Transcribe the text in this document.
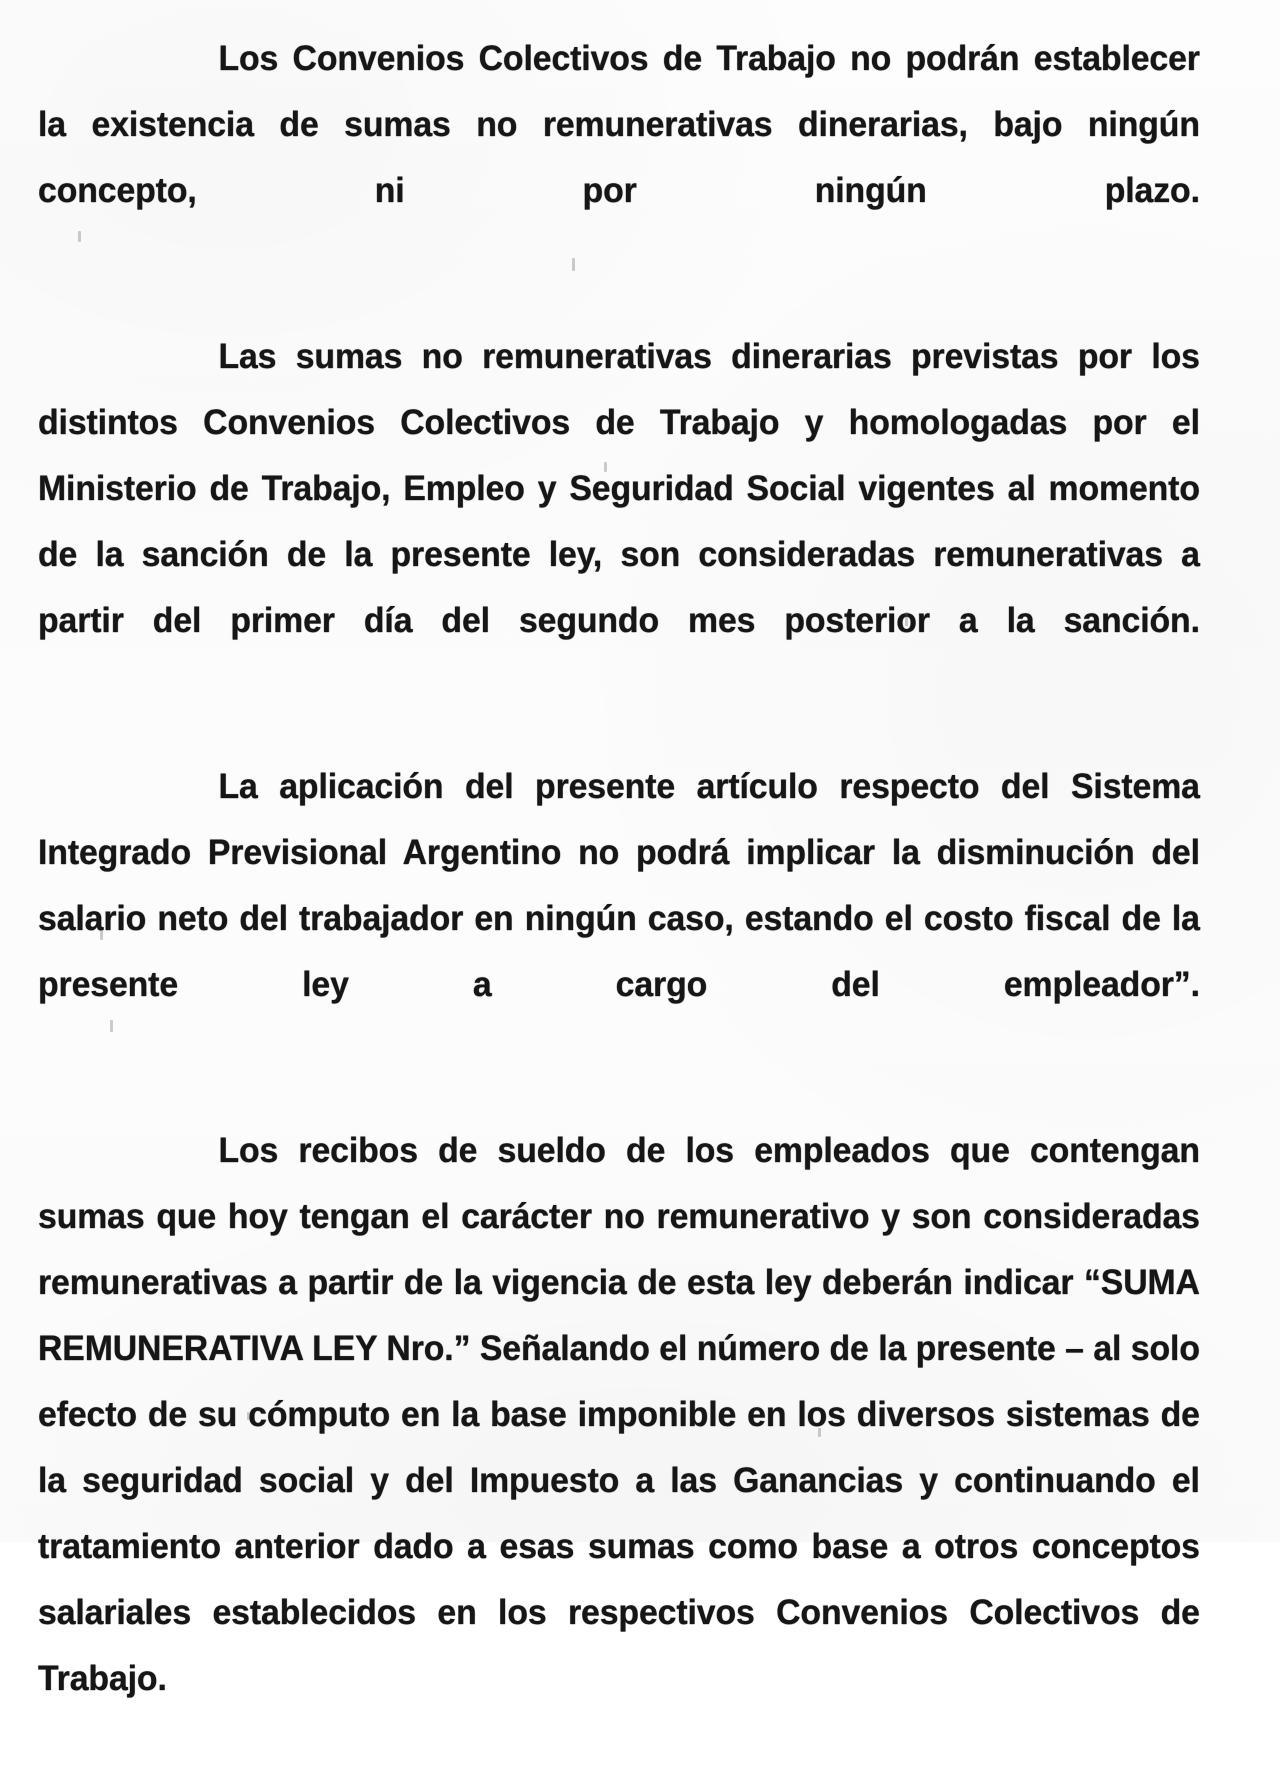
Los Convenios Colectivos de Trabajo no podrán establecer la existencia de sumas no remunerativas dinerarias, bajo ningún concepto, ni por ningún plazo.

Las sumas no remunerativas dinerarias previstas por los distintos Convenios Colectivos de Trabajo y homologadas por el Ministerio de Trabajo, Empleo y Seguridad Social vigentes al momento de la sanción de la presente ley, son consideradas remunerativas a partir del primer día del segundo mes posterior a la sanción.

La aplicación del presente artículo respecto del Sistema Integrado Previsional Argentino no podrá implicar la disminución del salario neto del trabajador en ningún caso, estando el costo fiscal de la presente ley a cargo del empleador”.

Los recibos de sueldo de los empleados que contengan sumas que hoy tengan el carácter no remunerativo y son consideradas remunerativas a partir de la vigencia de esta ley deberán indicar “SUMA REMUNERATIVA LEY Nro.” Señalando el número de la presente – al solo efecto de su cómputo en la base imponible en los diversos sistemas de la seguridad social y del Impuesto a las Ganancias y continuando el tratamiento anterior dado a esas sumas como base a otros conceptos salariales establecidos en los respectivos Convenios Colectivos de Trabajo.
